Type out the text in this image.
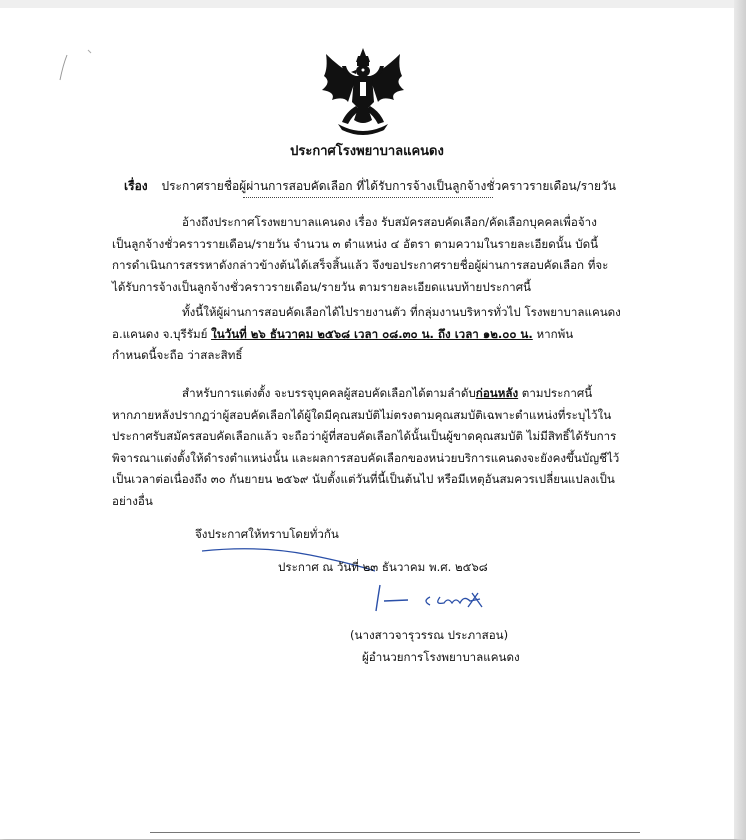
ประกาศโรงพยาบาลแคนดง
เรื่อง ประกาศรายชื่อผู้ผ่านการสอบคัดเลือก ที่ได้รับการจ้างเป็นลูกจ้างชั่วคราวรายเดือน/รายวัน
อ้างถึงประกาศโรงพยาบาลแคนดง เรื่อง รับสมัครสอบคัดเลือก/คัดเลือกบุคคลเพื่อจ้าง
เป็นลูกจ้างชั่วคราวรายเดือน/รายวัน จำนวน ๓ ตำแหน่ง ๔ อัตรา ตามความในรายละเอียดนั้น บัดนี้
การดำเนินการสรรหาดังกล่าวข้างต้นได้เสร็จสิ้นแล้ว จึงขอประกาศรายชื่อผู้ผ่านการสอบคัดเลือก ที่จะ
ได้รับการจ้างเป็นลูกจ้างชั่วคราวรายเดือน/รายวัน ตามรายละเอียดแนบท้ายประกาศนี้
ทั้งนี้ให้ผู้ผ่านการสอบคัดเลือกได้ไปรายงานตัว ที่กลุ่มงานบริหารทั่วไป โรงพยาบาลแคนดง
อ.แคนดง จ.บุรีรัมย์ ในวันที่ ๒๖ ธันวาคม ๒๕๖๘ เวลา ๐๘.๓๐ น. ถึง เวลา ๑๒.๐๐ น. หากพ้น
กำหนดนี้จะถือ ว่าสละสิทธิ์
สำหรับการแต่งตั้ง จะบรรจุบุคคลผู้สอบคัดเลือกได้ตามลำดับก่อนหลัง ตามประกาศนี้
หากภายหลังปรากฏว่าผู้สอบคัดเลือกได้ผู้ใดมีคุณสมบัติไม่ตรงตามคุณสมบัติเฉพาะตำแหน่งที่ระบุไว้ใน
ประกาศรับสมัครสอบคัดเลือกแล้ว จะถือว่าผู้ที่สอบคัดเลือกได้นั้นเป็นผู้ขาดคุณสมบัติ ไม่มีสิทธิ์ได้รับการ
พิจารณาแต่งตั้งให้ดำรงตำแหน่งนั้น และผลการสอบคัดเลือกของหน่วยบริการแคนดงจะยังคงขึ้นบัญชีไว้
เป็นเวลาต่อเนื่องถึง ๓๐ กันยายน ๒๕๖๙ นับตั้งแต่วันที่นี้เป็นต้นไป หรือมีเหตุอันสมควรเปลี่ยนแปลงเป็น
อย่างอื่น
จึงประกาศให้ทราบโดยทั่วกัน
ประกาศ ณ วันที่ ๒๓ ธันวาคม พ.ศ. ๒๕๖๘
(นางสาวจารุวรรณ ประภาสอน)
ผู้อำนวยการโรงพยาบาลแคนดง
